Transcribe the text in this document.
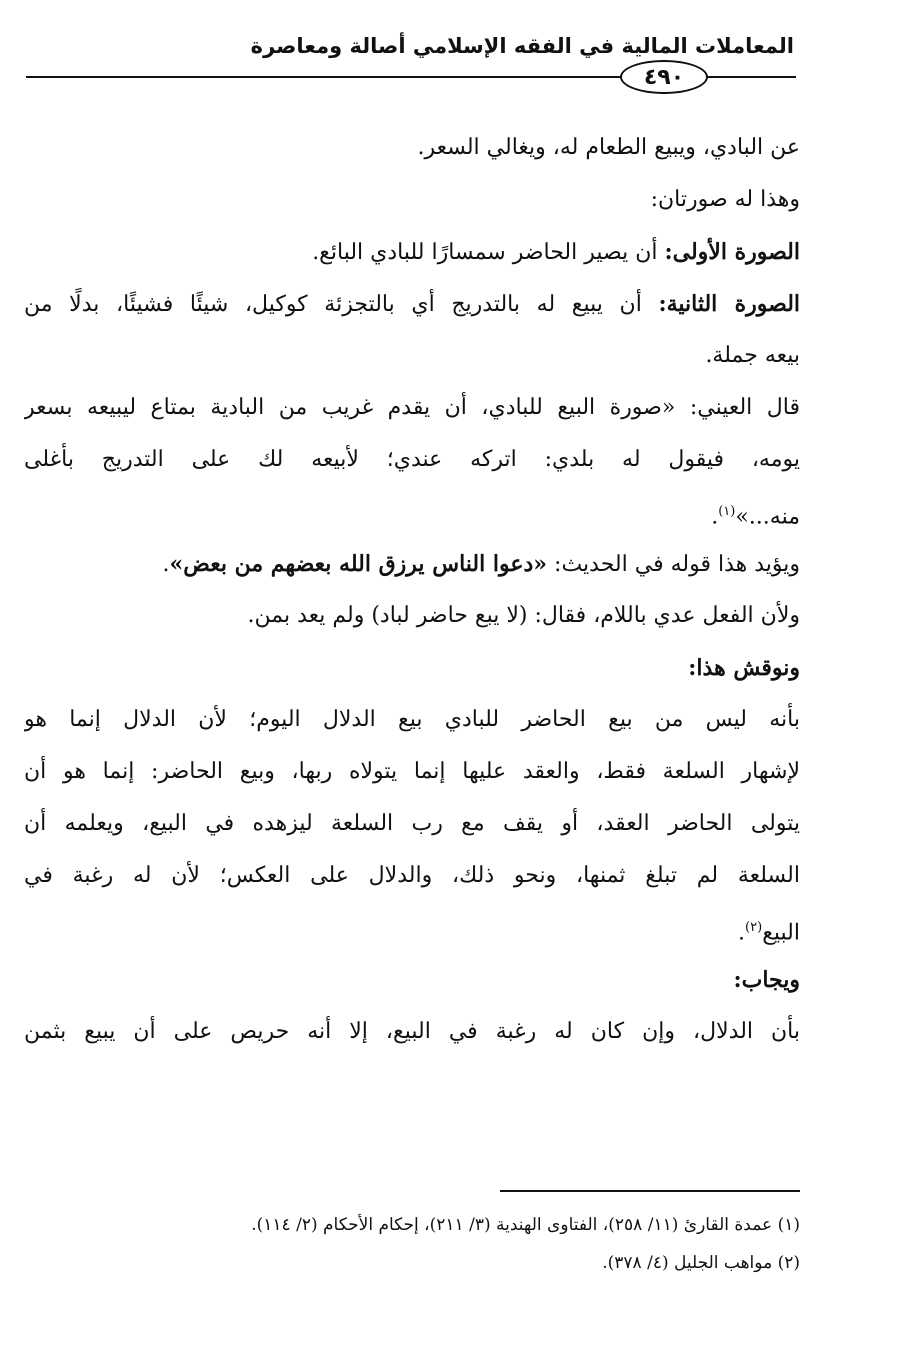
المعاملات المالية في الفقه الإسلامي أصالة ومعاصرة
٤٩٠
عن البادي، ويبيع الطعام له، ويغالي السعر.
وهذا له صورتان:
الصورة الأولى: أن يصير الحاضر سمسارًا للبادي البائع.
الصورة الثانية: أن يبيع له بالتدريج أي بالتجزئة كوكيل، شيئًا فشيئًا، بدلًا من
بيعه جملة.
قال العيني: «صورة البيع للبادي، أن يقدم غريب من البادية بمتاع ليبيعه بسعر
يومه، فيقول له بلدي: اتركه عندي؛ لأبيعه لك على التدريج بأغلى
منه...»$^{(١)}$.
ويؤيد هذا قوله في الحديث: «دعوا الناس يرزق الله بعضهم من بعض».
ولأن الفعل عدي باللام، فقال: (لا يبع حاضر لباد) ولم يعد بمن.
ونوقش هذا:
بأنه ليس من بيع الحاضر للبادي بيع الدلال اليوم؛ لأن الدلال إنما هو
لإشهار السلعة فقط، والعقد عليها إنما يتولاه ربها، وبيع الحاضر: إنما هو أن
يتولى الحاضر العقد، أو يقف مع رب السلعة ليزهده في البيع، ويعلمه أن
السلعة لم تبلغ ثمنها، ونحو ذلك، والدلال على العكس؛ لأن له رغبة في
البيع$^{(٢)}$.
ويجاب:
بأن الدلال، وإن كان له رغبة في البيع، إلا أنه حريص على أن يبيع بثمن
(١) عمدة القارئ (١١/ ٢٥٨)، الفتاوى الهندية (٣/ ٢١١)، إحكام الأحكام (٢/ ١١٤).
(٢) مواهب الجليل (٤/ ٣٧٨).
